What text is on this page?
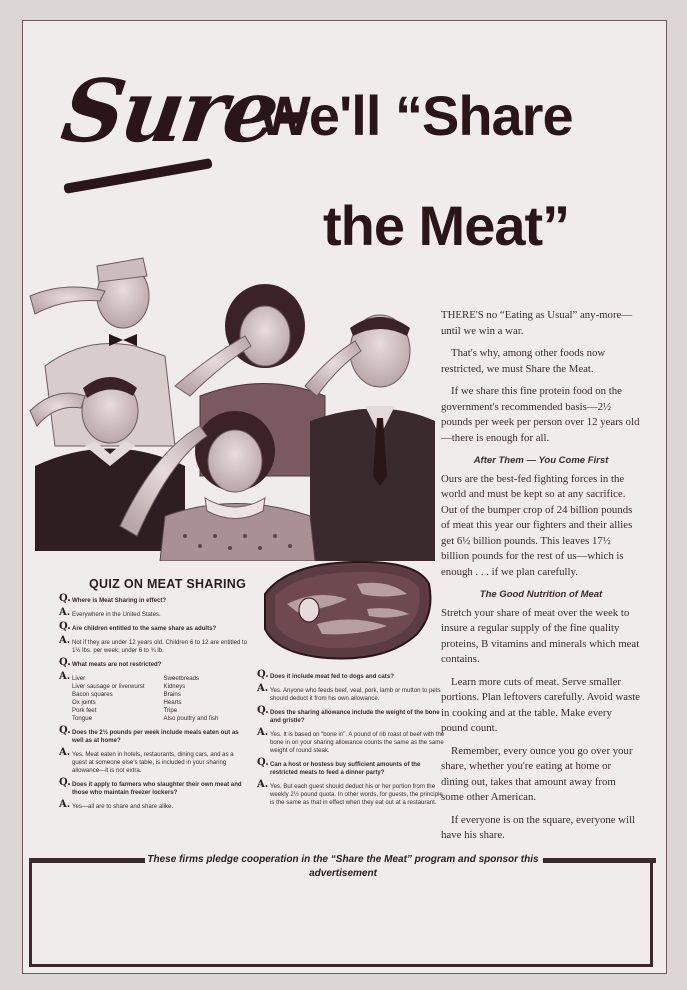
Sure-
We'll “Share
the Meat”

THERE'S no “Eating as Usual” any-more—until we win a war.

That's why, among other foods now restricted, we must Share the Meat.

If we share this fine protein food on the government's recommended basis—2½ pounds per week per person over 12 years old—there is enough for all.

After Them — You Come First

Ours are the best-fed fighting forces in the world and must be kept so at any sacrifice. Out of the bumper crop of 24 billion pounds of meat this year our fighters and their allies get 6½ billion pounds. This leaves 17½ billion pounds for the rest of us—which is enough . . . if we plan carefully.

The Good Nutrition of Meat

Stretch your share of meat over the week to insure a regular supply of the fine quality proteins, B vitamins and minerals which meat contains.

Learn more cuts of meat. Serve smaller portions. Plan leftovers carefully. Avoid waste in cooking and at the table. Make every pound count.

Remember, every ounce you go over your share, whether you're eating at home or dining out, takes that amount away from some other American.

If everyone is on the square, everyone will have his share.

QUIZ ON MEAT SHARING
Q. Where is Meat Sharing in effect?
A. Everywhere in the United States.
Q. Are children entitled to the same share as adults?
A. Not if they are under 12 years old. Children 6 to 12 are entitled to 1½ lbs. per week; under 6 to ¾ lb.
Q. What meats are not restricted?
A. Liver
Liver sausage or liverwurst
Bacon squares
Ox joints
Pork feet
Tongue
Sweetbreads
Kidneys
Brains
Hearts
Tripe
Also poultry and fish
Q. Does the 2½ pounds per week include meals eaten out as well as at home?
A. Yes. Meat eaten in hotels, restaurants, dining cars, and as a guest at someone else's table, is included in your sharing allowance—it is not extra.
Q. Does it apply to farmers who slaughter their own meat and those who maintain freezer lockers?
A. Yes—all are to share and share alike.
Q. Does it include meat fed to dogs and cats?
A. Yes. Anyone who feeds beef, veal, pork, lamb or mutton to pets should deduct it from his own allowance.
Q. Does the sharing allowance include the weight of the bone and gristle?
A. Yes. It is based on “bone in”. A pound of rib roast of beef with the bone in on your sharing allowance counts the same as the same weight of round steak.
Q. Can a host or hostess buy sufficient amounts of the restricted meats to feed a dinner party?
A. Yes. But each guest should deduct his or her portion from the weekly 2½ pound quota. In other words, for guests, the principle is the same as that in effect when they eat out at a restaurant.
These firms pledge cooperation in the “Share the Meat” program and sponsor this advertisement
